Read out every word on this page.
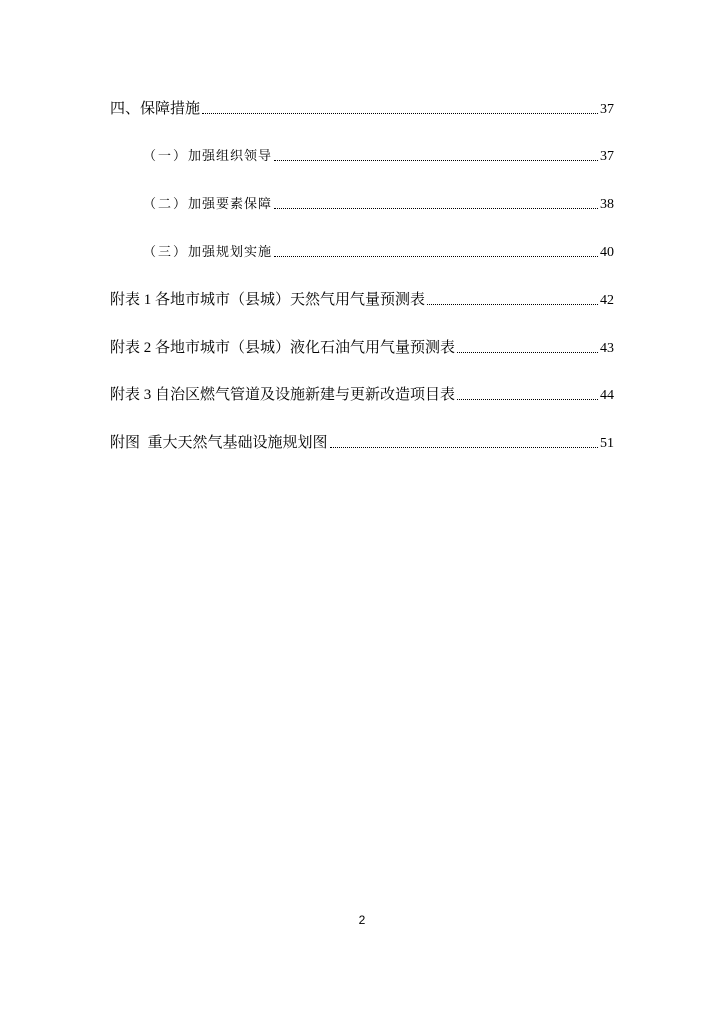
四、保障措施	37
（一）加强组织领导	37
（二）加强要素保障	38
（三）加强规划实施	40
附表 1 各地市城市（县城）天然气用气量预测表	42
附表 2 各地市城市（县城）液化石油气用气量预测表	43
附表 3 自治区燃气管道及设施新建与更新改造项目表	44
附图 重大天然气基础设施规划图	51
2
